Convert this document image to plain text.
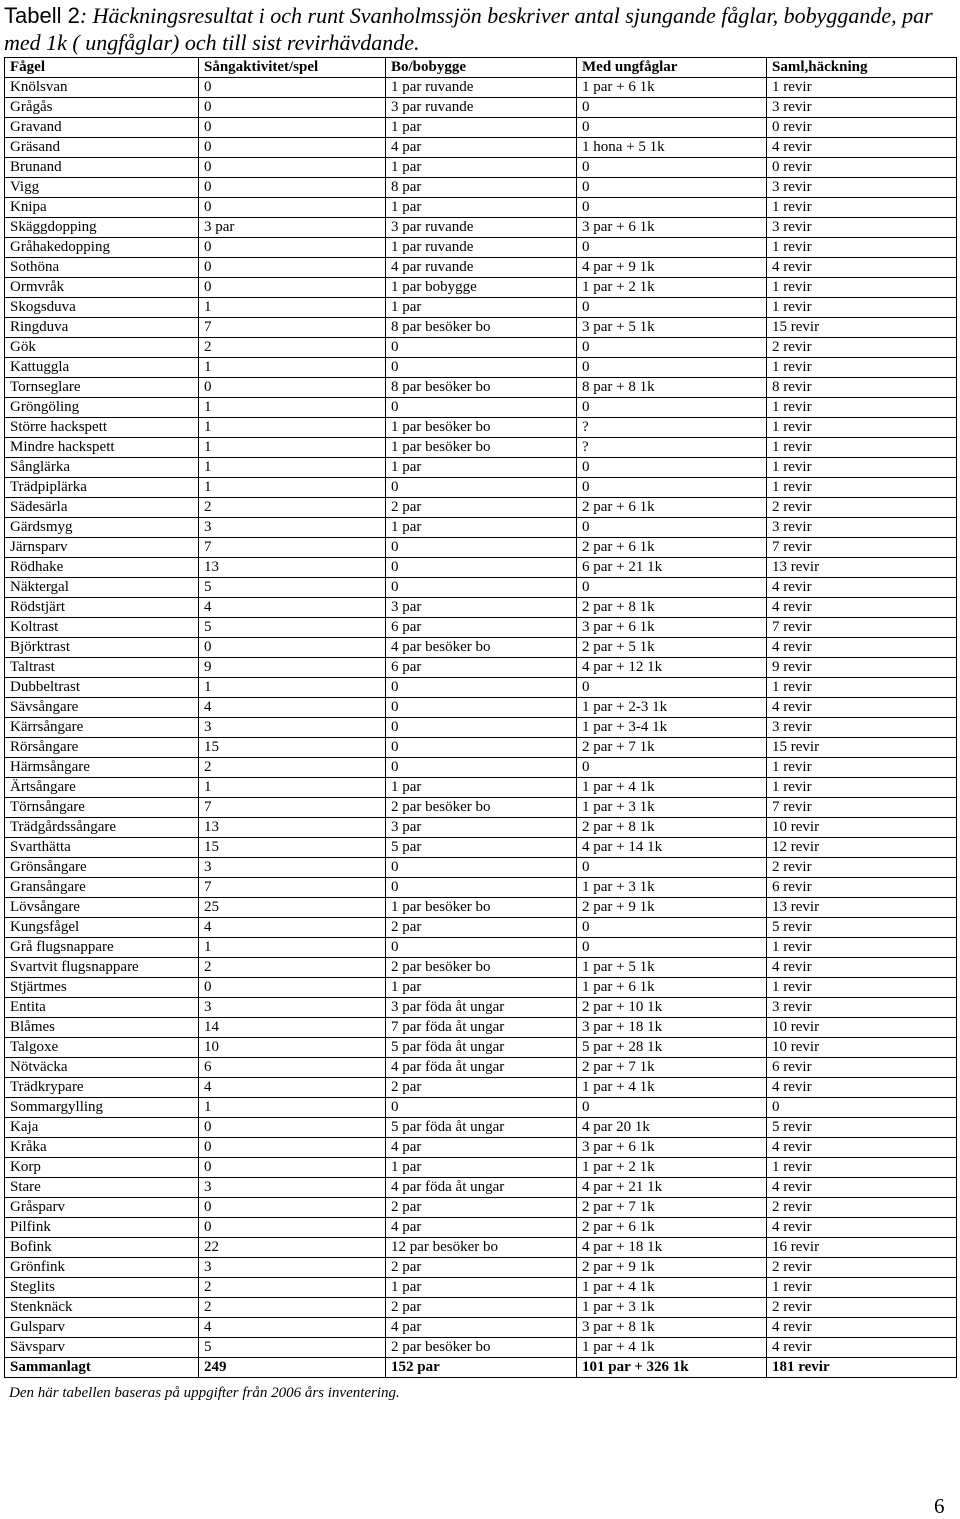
Tabell 2: Häckningsresultat i och runt Svanholmssjön beskriver antal sjungande fåglar, bobyggande, par med 1k ( ungfåglar) och till sist revirhävdande.
Fågel	Sångaktivitet/spel	Bo/bobygge	Med ungfåglar	Saml,häckning
Knölsvan	0	1 par ruvande	1 par + 6 1k	1 revir
Grågås	0	3 par ruvande	0	3 revir
Gravand	0	1 par	0	0 revir
Gräsand	0	4 par	1 hona + 5 1k	4 revir
Brunand	0	1 par	0	0 revir
Vigg	0	8 par	0	3 revir
Knipa	0	1 par	0	1 revir
Skäggdopping	3 par	3 par ruvande	3 par + 6 1k	3 revir
Gråhakedopping	0	1 par ruvande	0	1 revir
Sothöna	0	4 par ruvande	4 par + 9 1k	4 revir
Ormvråk	0	1 par bobygge	1 par + 2 1k	1 revir
Skogsduva	1	1 par	0	1 revir
Ringduva	7	8 par besöker bo	3 par + 5 1k	15 revir
Gök	2	0	0	2 revir
Kattuggla	1	0	0	1 revir
Tornseglare	0	8 par besöker bo	8 par + 8 1k	8 revir
Gröngöling	1	0	0	1 revir
Större hackspett	1	1 par besöker bo	?	1 revir
Mindre hackspett	1	1 par besöker bo	?	1 revir
Sånglärka	1	1 par	0	1 revir
Trädpiplärka	1	0	0	1 revir
Sädesärla	2	2 par	2 par + 6 1k	2 revir
Gärdsmyg	3	1 par	0	3 revir
Järnsparv	7	0	2 par + 6 1k	7 revir
Rödhake	13	0	6 par + 21 1k	13 revir
Näktergal	5	0	0	4 revir
Rödstjärt	4	3 par	2 par + 8 1k	4 revir
Koltrast	5	6 par	3 par + 6 1k	7 revir
Björktrast	0	4 par besöker bo	2 par + 5 1k	4 revir
Taltrast	9	6 par	4 par + 12 1k	9 revir
Dubbeltrast	1	0	0	1 revir
Sävsångare	4	0	1 par + 2-3 1k	4 revir
Kärrsångare	3	0	1 par + 3-4 1k	3 revir
Rörsångare	15	0	2 par + 7 1k	15 revir
Härmsångare	2	0	0	1 revir
Ärtsångare	1	1 par	1 par + 4 1k	1 revir
Törnsångare	7	2 par besöker bo	1 par + 3 1k	7 revir
Trädgårdssångare	13	3 par	2 par + 8 1k	10 revir
Svarthätta	15	5 par	4 par + 14 1k	12 revir
Grönsångare	3	0	0	2 revir
Gransångare	7	0	1 par + 3 1k	6 revir
Lövsångare	25	1 par besöker bo	2 par + 9 1k	13 revir
Kungsfågel	4	2 par	0	5 revir
Grå flugsnappare	1	0	0	1 revir
Svartvit flugsnappare	2	2 par besöker bo	1 par + 5 1k	4 revir
Stjärtmes	0	1 par	1 par + 6 1k	1 revir
Entita	3	3 par föda åt ungar	2 par + 10 1k	3 revir
Blåmes	14	7 par föda åt ungar	3 par + 18 1k	10 revir
Talgoxe	10	5 par föda åt ungar	5 par + 28 1k	10 revir
Nötväcka	6	4 par föda åt ungar	2 par + 7 1k	6 revir
Trädkrypare	4	2 par	1 par + 4 1k	4 revir
Sommargylling	1	0	0	0
Kaja	0	5 par föda åt ungar	4 par 20 1k	5 revir
Kråka	0	4 par	3 par + 6 1k	4 revir
Korp	0	1 par	1 par + 2 1k	1 revir
Stare	3	4 par föda åt ungar	4 par + 21 1k	4 revir
Gråsparv	0	2 par	2 par + 7 1k	2 revir
Pilfink	0	4 par	2 par + 6 1k	4 revir
Bofink	22	12 par besöker bo	4 par + 18 1k	16 revir
Grönfink	3	2 par	2 par + 9 1k	2 revir
Steglits	2	1 par	1 par + 4 1k	1 revir
Stenknäck	2	2 par	1 par + 3 1k	2 revir
Gulsparv	4	4 par	3 par + 8 1k	4 revir
Sävsparv	5	2 par besöker bo	1 par + 4 1k	4 revir
Sammanlagt	249	152 par	101 par + 326 1k	181 revir
Den här tabellen baseras på uppgifter från 2006 års inventering.
6
